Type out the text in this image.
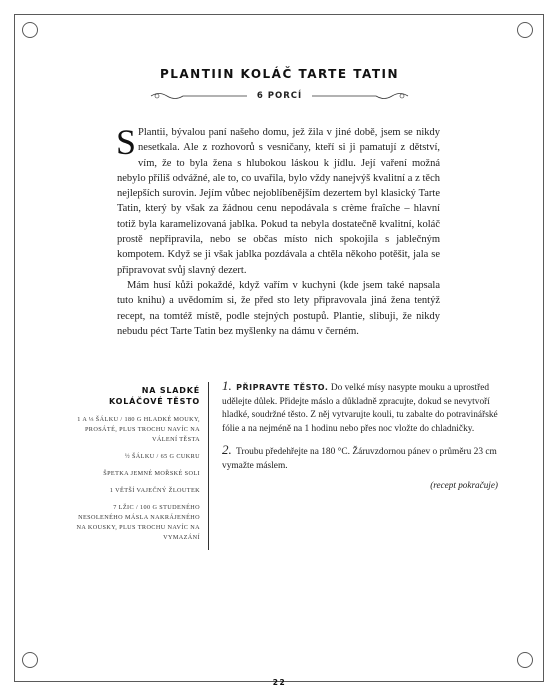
PLANTIIN KOLÁČ TARTE TATIN
6 PORCÍ

S Plantii, bývalou paní našeho domu, jež žila v jiné době, jsem se nikdy nesetkala. Ale z rozhovorů s vesničany, kteří si ji pamatují z dětství, vím, že to byla žena s hlubokou láskou k jídlu. Její vaření možná nebylo příliš odvážné, ale to, co uvařila, bylo vždy nanejvýš kvalitní a z těch nejlepších surovin. Jejím vůbec nejoblíbenějším dezertem byl klasický Tarte Tatin, který by však za žádnou cenu nepodávala s crème fraîche – hlavní totiž byla karamelizovaná jablka. Pokud ta nebyla dostatečně kvalitní, koláč prostě nepřipravila, nebo se občas místo nich spokojila s jablečným kompotem. Když se ji však jablka pozdávala a chtěla někoho potěšit, jala se připravovat svůj slavný dezert.

Mám husí kůži pokaždé, když vařím v kuchyni (kde jsem také napsala tuto knihu) a uvědomím si, že před sto lety připravovala jiná žena tentýž recept, na tomtéž místě, podle stejných postupů. Plantie, slibuji, že nikdy nebudu péct Tarte Tatin bez myšlenky na dámu v černém.

NA SLADKÉ
KOLÁČOVÉ TĚSTO
1 A ⅓ ŠÁLKU / 180 G HLADKÉ MOUKY, PROSÁTÉ, PLUS TROCHU NAVÍC NA VÁLENÍ TĚSTA
½ ŠÁLKU / 65 G CUKRU
ŠPETKA JEMNÉ MOŘSKÉ SOLI
1 VĚTŠÍ VAJEČNÝ ŽLOUTEK
7 LŽIC / 100 G STUDENÉHO NESOLENÉHO MÁSLA NAKRÁJENÉHO NA KOUSKY, PLUS TROCHU NAVÍC NA VYMAZÁNÍ
1. PŘIPRAVTE TĚSTO. Do velké mísy nasypte mouku a uprostřed udělejte důlek. Přidejte máslo a důkladně zpracujte, dokud se nevytvoří hladké, soudržné těsto. Z něj vytvarujte kouli, tu zabalte do potravinářské fólie a na nejméně na 1 hodinu nebo přes noc vložte do chladničky.
2. Troubu předehřejte na 180 °C. Žáruvzdornou pánev o průměru 23 cm vymažte máslem.
(recept pokračuje)
22
